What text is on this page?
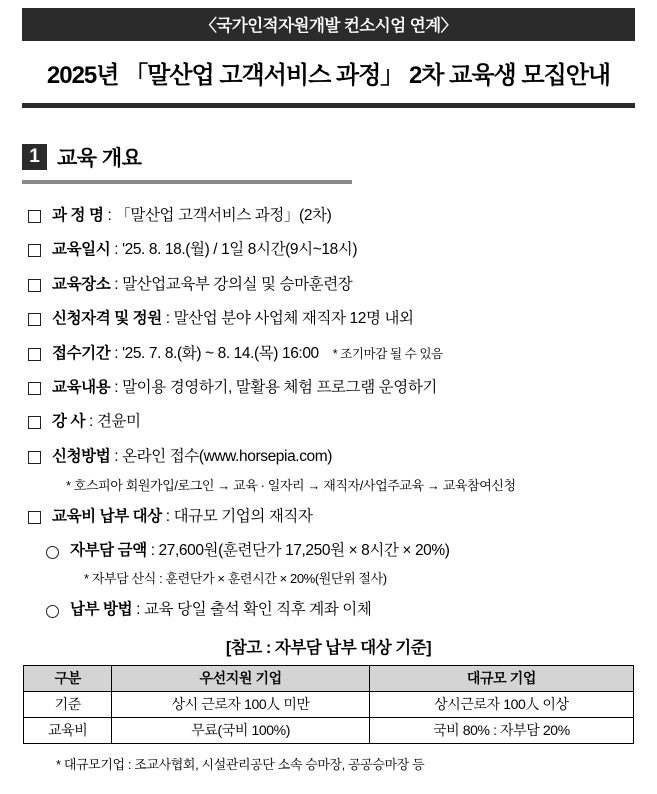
〈국가인적자원개발 컨소시엄 연계〉
2025년 「말산업 고객서비스 과정」 2차 교육생 모집안내
1 교육 개요
과 정 명 : 「말산업 고객서비스 과정」(2차)
교육일시 : '25. 8. 18.(월) / 1일 8시간(9시~18시)
교육장소 : 말산업교육부 강의실 및 승마훈련장
신청자격 및 정원 : 말산업 분야 사업체 재직자 12명 내외
접수기간 : '25. 7. 8.(화) ~ 8. 14.(목) 16:00 * 조기마감 될 수 있음
교육내용 : 말이용 경영하기, 말활용 체험 프로그램 운영하기
강 사 : 견윤미
신청방법 : 온라인 접수(www.horsepia.com)
* 호스피아 회원가입/로그인 → 교육 · 일자리 → 재직자/사업주교육 → 교육참여신청
교육비 납부 대상 : 대규모 기업의 재직자
자부담 금액 : 27,600원(훈련단가 17,250원 × 8시간 × 20%)
* 자부담 산식 : 훈련단가 × 훈련시간 × 20%(원단위 절사)
납부 방법 : 교육 당일 출석 확인 직후 계좌 이체
[참고 : 자부담 납부 대상 기준]
구분	우선지원 기업	대규모 기업
기준	상시 근로자 100人 미만	상시근로자 100人 이상
교육비	무료(국비 100%)	국비 80% : 자부담 20%
* 대규모기업 : 조교사협회, 시설관리공단 소속 승마장, 공공승마장 등
